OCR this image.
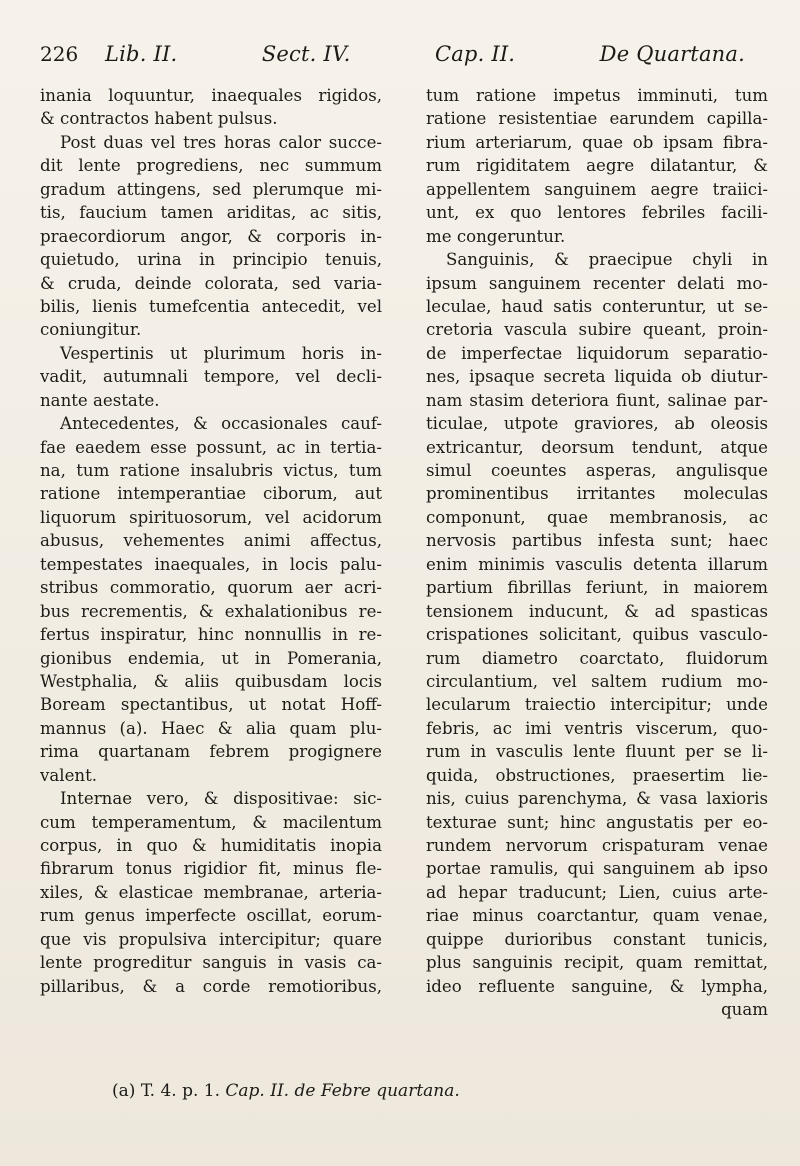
226 Lib. II.	Sect. IV.	Cap. II.	De Quartana.
inania loquuntur, inaequales rigidos,
& contractos habent pulsus.
Post duas vel tres horas calor succe-
dit lente progrediens, nec summum
gradum attingens, sed plerumque mi-
tis, faucium tamen ariditas, ac sitis,
praecordiorum angor, & corporis in-
quietudo, urina in principio tenuis,
& cruda, deinde colorata, sed varia-
bilis, lienis tumefcentia antecedit, vel
coniungitur.
Vespertinis ut plurimum horis in-
vadit, autumnali tempore, vel decli-
nante aestate.
Antecedentes, & occasionales cauf-
fae eaedem esse possunt, ac in tertia-
na, tum ratione insalubris victus, tum
ratione intemperantiae ciborum, aut
liquorum spirituosorum, vel acidorum
abusus, vehementes animi affectus,
tempestates inaequales, in locis palu-
stribus commoratio, quorum aer acri-
bus recrementis, & exhalationibus re-
fertus inspiratur, hinc nonnullis in re-
gionibus endemia, ut in Pomerania,
Westphalia, & aliis quibusdam locis
Boream spectantibus, ut notat Hoff-
mannus (a). Haec & alia quam plu-
rima quartanam febrem progignere
valent.
Internae vero, & dispositivae: sic-
cum temperamentum, & macilentum
corpus, in quo & humiditatis inopia
fibrarum tonus rigidior fit, minus fle-
xiles, & elasticae membranae, arteria-
rum genus imperfecte oscillat, eorum-
que vis propulsiva intercipitur; quare
lente progreditur sanguis in vasis ca-
pillaribus, & a corde remotioribus,
tum ratione impetus imminuti, tum
ratione resistentiae earundem capilla-
rium arteriarum, quae ob ipsam fibra-
rum rigiditatem aegre dilatantur, &
appellentem sanguinem aegre traiici-
unt, ex quo lentores febriles facili-
me congeruntur.
Sanguinis, & praecipue chyli in
ipsum sanguinem recenter delati mo-
leculae, haud satis conteruntur, ut se-
cretoria vascula subire queant, proin-
de imperfectae liquidorum separatio-
nes, ipsaque secreta liquida ob diutur-
nam stasim deteriora fiunt, salinae par-
ticulae, utpote graviores, ab oleosis
extricantur, deorsum tendunt, atque
simul coeuntes asperas, angulisque
prominentibus irritantes moleculas
componunt, quae membranosis, ac
nervosis partibus infesta sunt; haec
enim minimis vasculis detenta illarum
partium fibrillas feriunt, in maiorem
tensionem inducunt, & ad spasticas
crispationes solicitant, quibus vasculo-
rum diametro coarctato, fluidorum
circulantium, vel saltem rudium mo-
lecularum traiectio intercipitur; unde
febris, ac imi ventris viscerum, quo-
rum in vasculis lente fluunt per se li-
quida, obstructiones, praesertim lie-
nis, cuius parenchyma, & vasa laxioris
texturae sunt; hinc angustatis per eo-
rundem nervorum crispaturam venae
portae ramulis, qui sanguinem ab ipso
ad hepar traducunt; Lien, cuius arte-
riae minus coarctantur, quam venae,
quippe durioribus constant tunicis,
plus sanguinis recipit, quam remittat,
ideo refluente sanguine, & lympha,
quam
(a) T. 4. p. 1. Cap. II. de Febre quartana.
